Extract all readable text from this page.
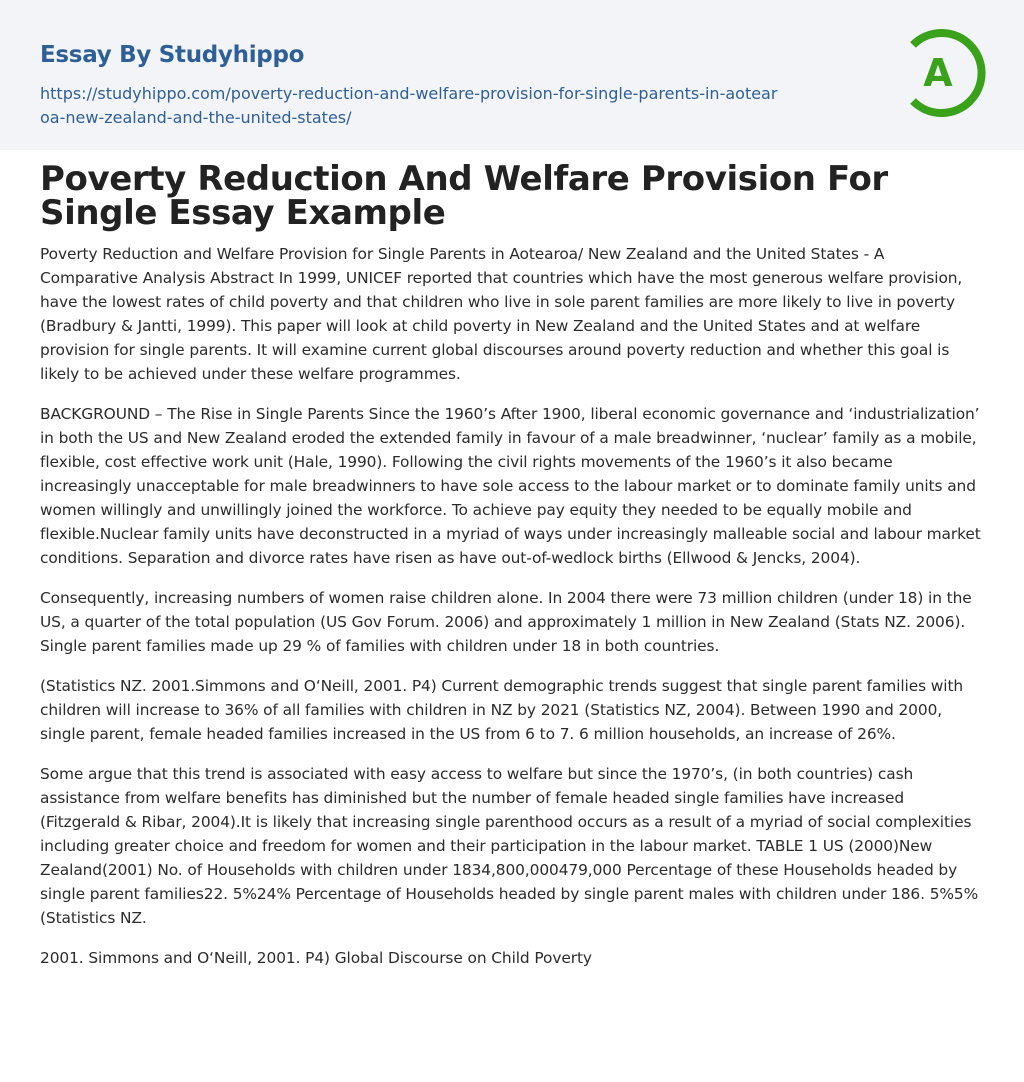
Essay By Studyhippo
https://studyhippo.com/poverty-reduction-and-welfare-provision-for-single-parents-in-aotearoa-new-zealand-and-the-united-states/
A
Poverty Reduction And Welfare Provision For Single Essay Example

Poverty Reduction and Welfare Provision for Single Parents in Aotearoa/ New Zealand and the United States - A Comparative Analysis Abstract In 1999, UNICEF reported that countries which have the most generous welfare provision, have the lowest rates of child poverty and that children who live in sole parent families are more likely to live in poverty (Bradbury & Jantti, 1999). This paper will look at child poverty in New Zealand and the United States and at welfare provision for single parents. It will examine current global discourses around poverty reduction and whether this goal is likely to be achieved under these welfare programmes.

BACKGROUND – The Rise in Single Parents Since the 1960’s After 1900, liberal economic governance and ‘industrialization’ in both the US and New Zealand eroded the extended family in favour of a male breadwinner, ‘nuclear’ family as a mobile, flexible, cost effective work unit (Hale, 1990). Following the civil rights movements of the 1960’s it also became increasingly unacceptable for male breadwinners to have sole access to the labour market or to dominate family units and women willingly and unwillingly joined the workforce. To achieve pay equity they needed to be equally mobile and flexible.Nuclear family units have deconstructed in a myriad of ways under increasingly malleable social and labour market conditions. Separation and divorce rates have risen as have out-of-wedlock births (Ellwood & Jencks, 2004).

Consequently, increasing numbers of women raise children alone. In 2004 there were 73 million children (under 18) in the US, a quarter of the total population (US Gov Forum. 2006) and approximately 1 million in New Zealand (Stats NZ. 2006). Single parent families made up 29 % of families with children under 18 in both countries.

(Statistics NZ. 2001.Simmons and O‘Neill, 2001. P4) Current demographic trends suggest that single parent families with children will increase to 36% of all families with children in NZ by 2021 (Statistics NZ, 2004). Between 1990 and 2000, single parent, female headed families increased in the US from 6 to 7. 6 million households, an increase of 26%.

Some argue that this trend is associated with easy access to welfare but since the 1970’s, (in both countries) cash assistance from welfare benefits has diminished but the number of female headed single families have increased (Fitzgerald & Ribar, 2004).It is likely that increasing single parenthood occurs as a result of a myriad of social complexities including greater choice and freedom for women and their participation in the labour market. TABLE 1 US (2000)New Zealand(2001) No. of Households with children under 1834,800,000479,000 Percentage of these Households headed by single parent families22. 5%24% Percentage of Households headed by single parent males with children under 186. 5%5% (Statistics NZ.

2001. Simmons and O‘Neill, 2001. P4) Global Discourse on Child Poverty
